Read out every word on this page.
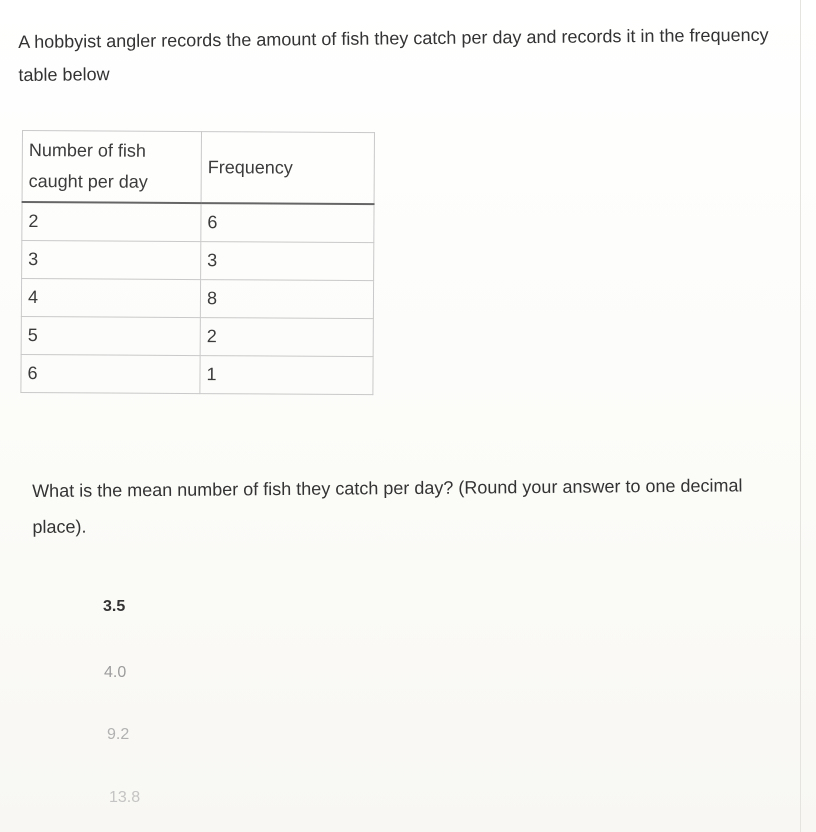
A hobbyist angler records the amount of fish they catch per day and records it in the frequency table below

Number of fish caught per day	Frequency
2	6
3	3
4	8
5	2
6	1

What is the mean number of fish they catch per day? (Round your answer to one decimal place).

3.5
4.0
9.2
13.8
